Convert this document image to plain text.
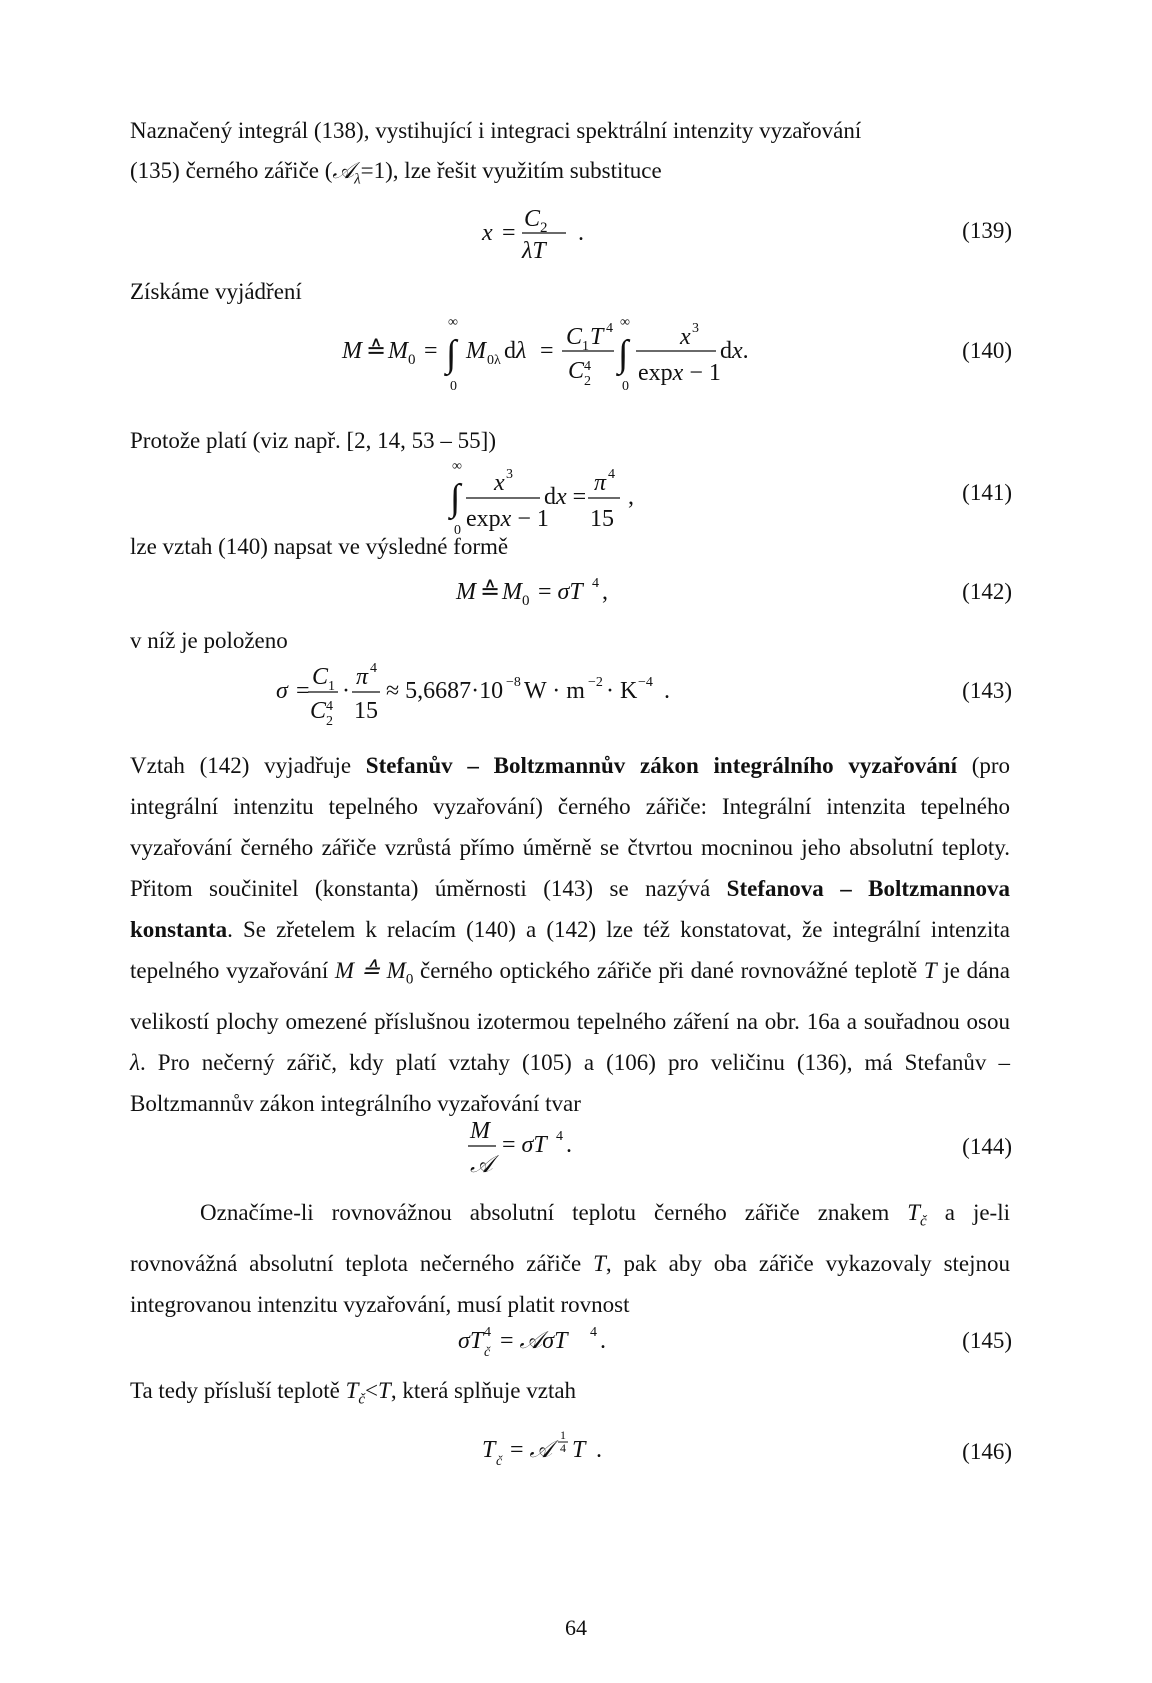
Naznačený integrál (138), vystihující i integraci spektrální intenzity vyzařování

(135) černého zářiče (𝒜$_\lambda$=1), lze řešit využitím substituce

x =
C 2
λT
.	(139)

Získáme vyjádření

M ≙ M 0 =
∞
∫
0
M 0λ dλ =
C 1 T 4
C 4
2
∞
∫
0
x 3
expx − 1
dx.	(140)

Protože platí (viz např. [2, 14, 53 – 55])

∞
∫
0
x 3
expx − 1
dx =
π 4
15
,	(141)

lze vztah (140) napsat ve výsledné formě

M ≙ M 0 = σT 4 ,	(142)

v níž je položeno

σ =
C 1
C 4
2
·
π 4
15
≈ 5,6687·10 −8 W · m −2 · K −4 .	(143)

Vztah (142) vyjadřuje Stefanův – Boltzmannův zákon integrálního vyzařování (pro integrální intenzitu tepelného vyzařování) černého zářiče: Integrální intenzita tepelného vyzařování černého zářiče vzrůstá přímo úměrně se čtvrtou mocninou jeho absolutní teploty. Přitom součinitel (konstanta) úměrnosti (143) se nazývá Stefanova – Boltzmannova konstanta. Se zřetelem k relacím (140) a (142) lze též konstatovat, že integrální intenzita tepelného vyzařování M ≙ $M_0$ černého optického zářiče při dané rovnovážné teplotě T je dána velikostí plochy omezené příslušnou izotermou tepelného záření na obr. 16a a souřadnou osou λ. Pro nečerný zářič, kdy platí vztahy (105) a (106) pro veličinu (136), má Stefanův – Boltzmannův zákon integrálního vyzařování tvar

M
𝒜
= σT 4 .	(144)

Označíme-li rovnovážnou absolutní teplotu černého zářiče znakem $T_č$ a je-li rovnovážná absolutní teplota nečerného zářiče T, pak aby oba zářiče vykazovaly stejnou integrovanou intenzitu vyzařování, musí platit rovnost

σT 4
č = 𝒜σT 4 .	(145)

Ta tedy přísluší teplotě $T_č<T$, která splňuje vztah

T č = 𝒜
1
4 T .	(146)
64
